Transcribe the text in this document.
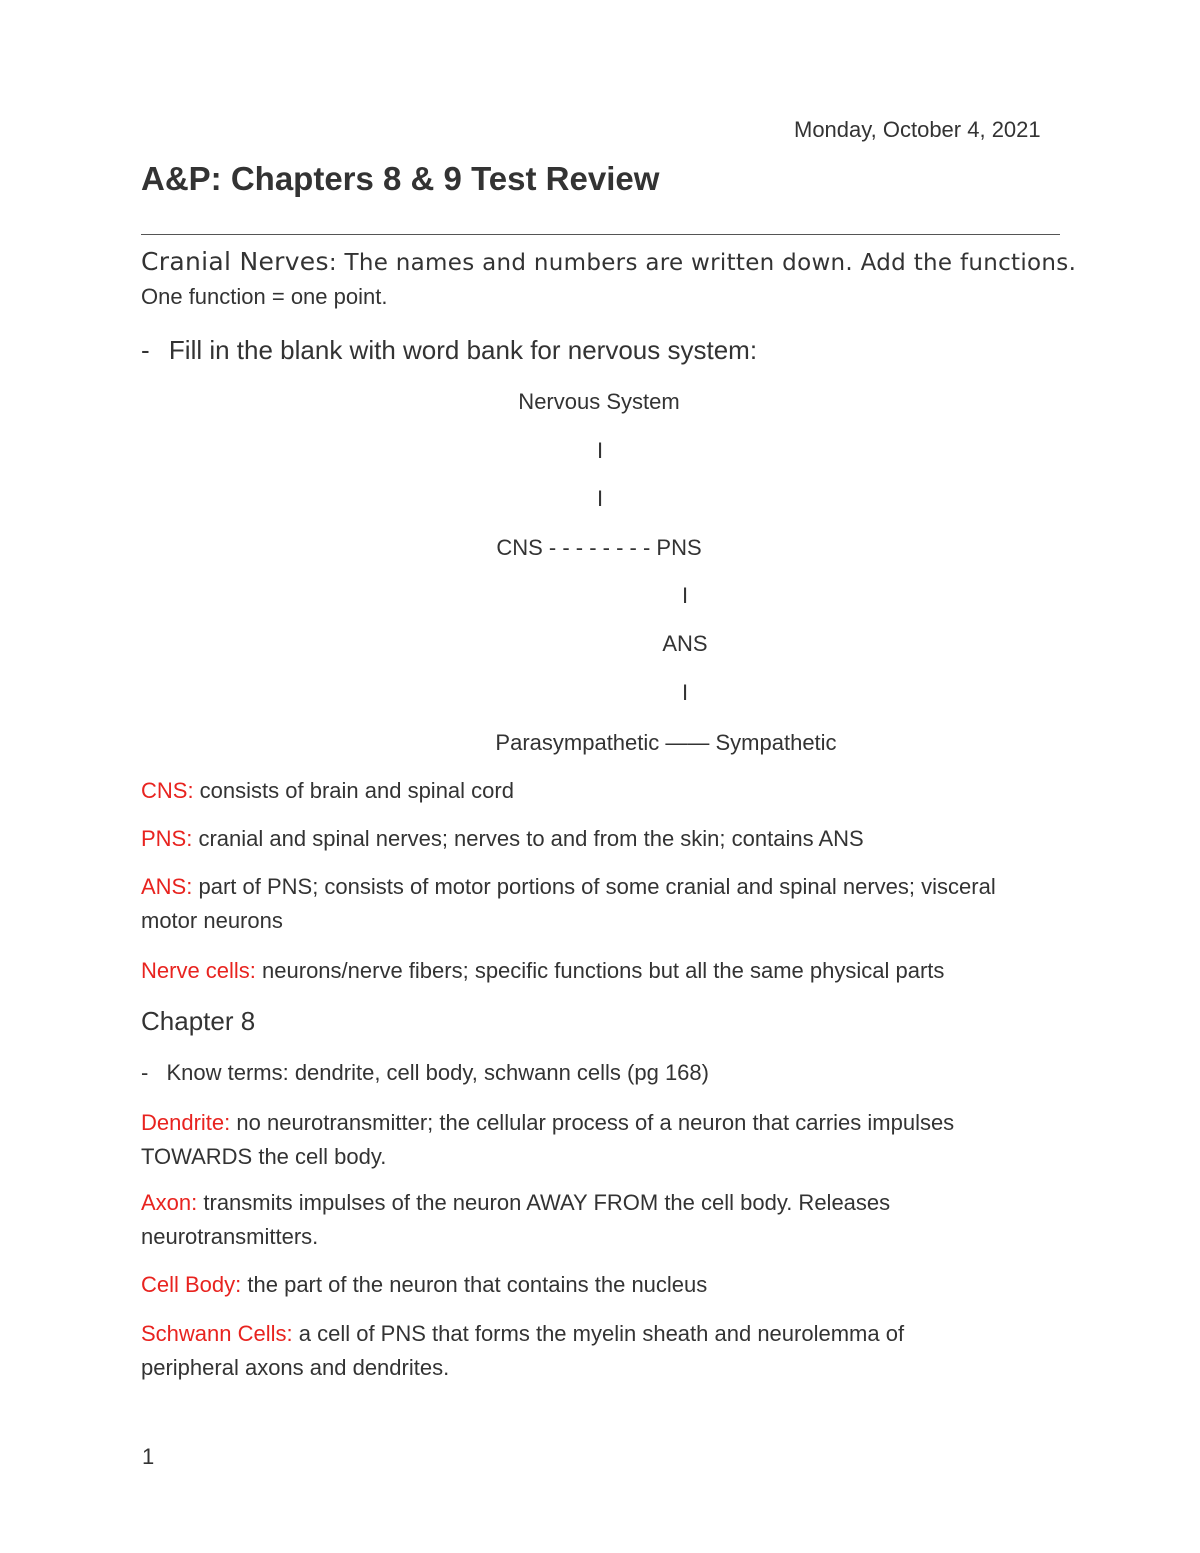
Monday, October 4, 2021
A&P: Chapters 8 & 9 Test Review
Cranial Nerves: The names and numbers are written down. Add the functions.
One function = one point.
- Fill in the blank with word bank for nervous system:
Nervous System
I
I
CNS - - - - - - - - PNS
I
ANS
I
Parasympathetic —— Sympathetic
CNS: consists of brain and spinal cord
PNS: cranial and spinal nerves; nerves to and from the skin; contains ANS
ANS: part of PNS; consists of motor portions of some cranial and spinal nerves; visceral
motor neurons
Nerve cells: neurons/nerve fibers; specific functions but all the same physical parts
Chapter 8
- Know terms: dendrite, cell body, schwann cells (pg 168)
Dendrite: no neurotransmitter; the cellular process of a neuron that carries impulses
TOWARDS the cell body.
Axon: transmits impulses of the neuron AWAY FROM the cell body. Releases
neurotransmitters.
Cell Body: the part of the neuron that contains the nucleus
Schwann Cells: a cell of PNS that forms the myelin sheath and neurolemma of
peripheral axons and dendrites.
1
